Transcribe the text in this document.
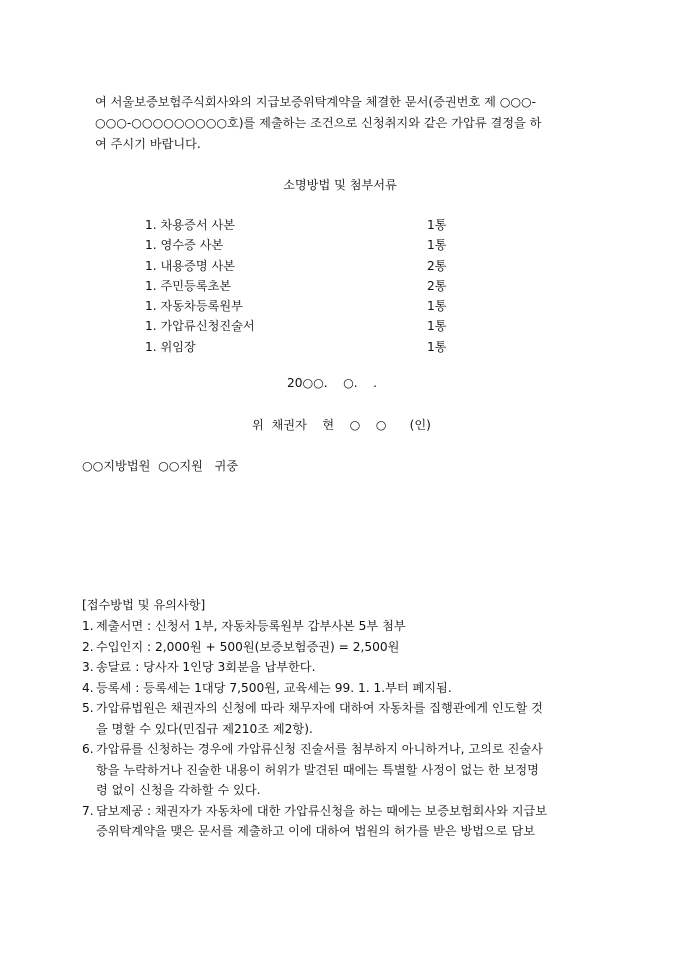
여 서울보증보험주식회사와의 지급보증위탁계약을 체결한 문서(증권번호 제 ○○○-
○○○-○○○○○○○○○호)를 제출하는 조건으로 신청취지와 같은 가압류 결정을 하
여 주시기 바랍니다.
소명방법 및 첨부서류
1. 차용증서 사본	1통
1. 영수증 사본	1통
1. 내용증명 사본	2통
1. 주민등록초본	2통
1. 자동차등록원부	1통
1. 가압류신청진술서	1통
1. 위임장	1통
20○○.    ○.    .
위  채권자    현    ○    ○      (인)
○○지방법원  ○○지원   귀중
[접수방법 및 유의사항]
1. 제출서면 : 신청서 1부, 자동차등록원부 갑부사본 5부 첨부
2. 수입인지 : 2,000원 + 500원(보증보험증권) = 2,500원
3. 송달료 : 당사자 1인당 3회분을 납부한다.
4. 등록세 : 등록세는 1대당 7,500원, 교육세는 99. 1. 1.부터 폐지됨.
5. 가압류법원은 채권자의 신청에 따라 채무자에 대하여 자동차를 집행관에게 인도할 것
을 명할 수 있다(민집규 제210조 제2항).
6. 가압류를 신청하는 경우에 가압류신청 진술서를 첨부하지 아니하거나, 고의로 진술사
항을 누락하거나 진술한 내용이 허위가 발견된 때에는 특별할 사정이 없는 한 보정명
령 없이 신청을 각하할 수 있다.
7. 담보제공 : 채권자가 자동차에 대한 가압류신청을 하는 때에는 보증보험회사와 지급보
증위탁계약을 맺은 문서를 제출하고 이에 대하여 법원의 허가를 받은 방법으로 담보
